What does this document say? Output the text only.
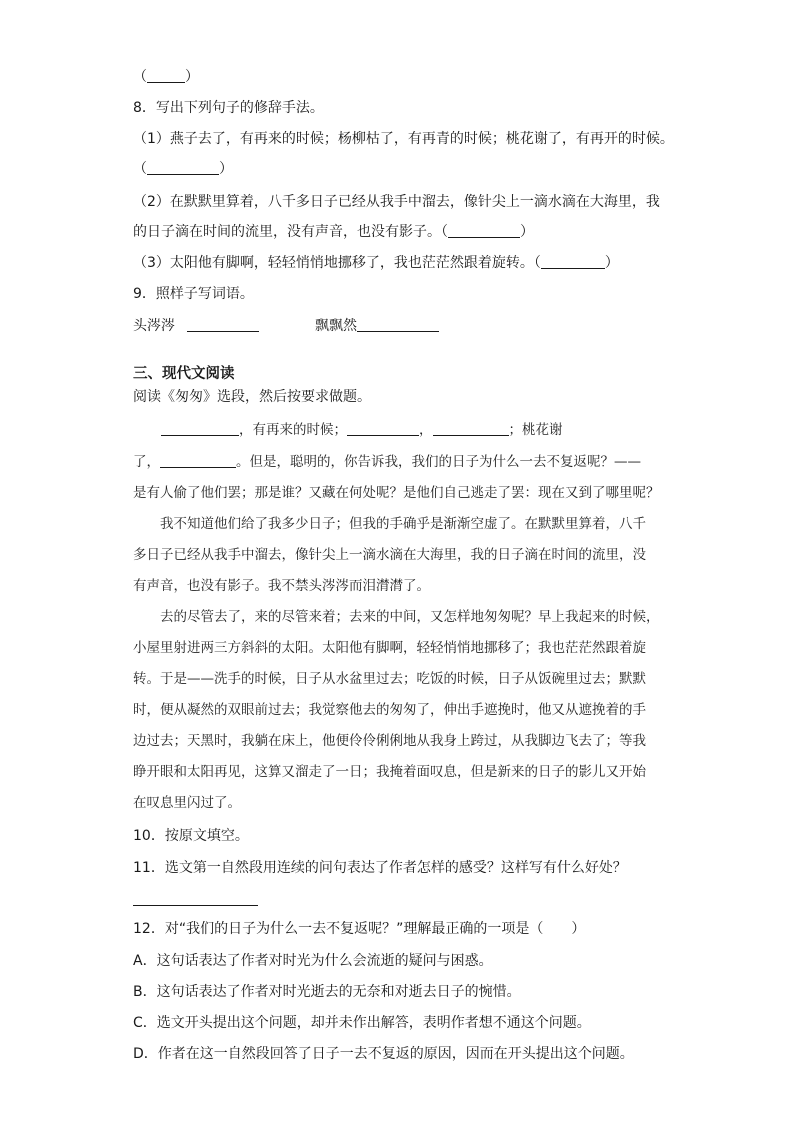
（	）
8．写出下列句子的修辞手法。
（1）燕子去了，有再来的时候；杨柳枯了，有再青的时候；桃花谢了，有再开的时候。
（	）
（2）在默默里算着，八千多日子已经从我手中溜去，像针尖上一滴水滴在大海里，我
的日子滴在时间的流里，没有声音，也没有影子。（	）
（3）太阳他有脚啊，轻轻悄悄地挪移了，我也茫茫然跟着旋转。（	）
9．照样子写词语。
头涔涔	飘飘然
三、现代文阅读
阅读《匆匆》选段，然后按要求做题。
，有再来的时候；	，	；桃花谢
了，	。但是，聪明的，你告诉我，我们的日子为什么一去不复返呢？——
是有人偷了他们罢；那是谁？又藏在何处呢？是他们自己逃走了罢：现在又到了哪里呢？
　　我不知道他们给了我多少日子；但我的手确乎是渐渐空虚了。在默默里算着，八千
多日子已经从我手中溜去，像针尖上一滴水滴在大海里，我的日子滴在时间的流里，没
有声音，也没有影子。我不禁头涔涔而泪潸潸了。
　　去的尽管去了，来的尽管来着；去来的中间，又怎样地匆匆呢？早上我起来的时候，
小屋里射进两三方斜斜的太阳。太阳他有脚啊，轻轻悄悄地挪移了；我也茫茫然跟着旋
转。于是——洗手的时候，日子从水盆里过去；吃饭的时候，日子从饭碗里过去；默默
时，便从凝然的双眼前过去；我觉察他去的匆匆了，伸出手遮挽时，他又从遮挽着的手
边过去；天黑时，我躺在床上，他便伶伶俐俐地从我身上跨过，从我脚边飞去了；等我
睁开眼和太阳再见，这算又溜走了一日；我掩着面叹息，但是新来的日子的影儿又开始
在叹息里闪过了。
10．按原文填空。
11．选文第一自然段用连续的问句表达了作者怎样的感受？这样写有什么好处？
12．对“我们的日子为什么一去不复返呢？”理解最正确的一项是（　　）
A．这句话表达了作者对时光为什么会流逝的疑问与困惑。
B．这句话表达了作者对时光逝去的无奈和对逝去日子的惋惜。
C．选文开头提出这个问题，却并未作出解答，表明作者想不通这个问题。
D．作者在这一自然段回答了日子一去不复返的原因，因而在开头提出这个问题。
